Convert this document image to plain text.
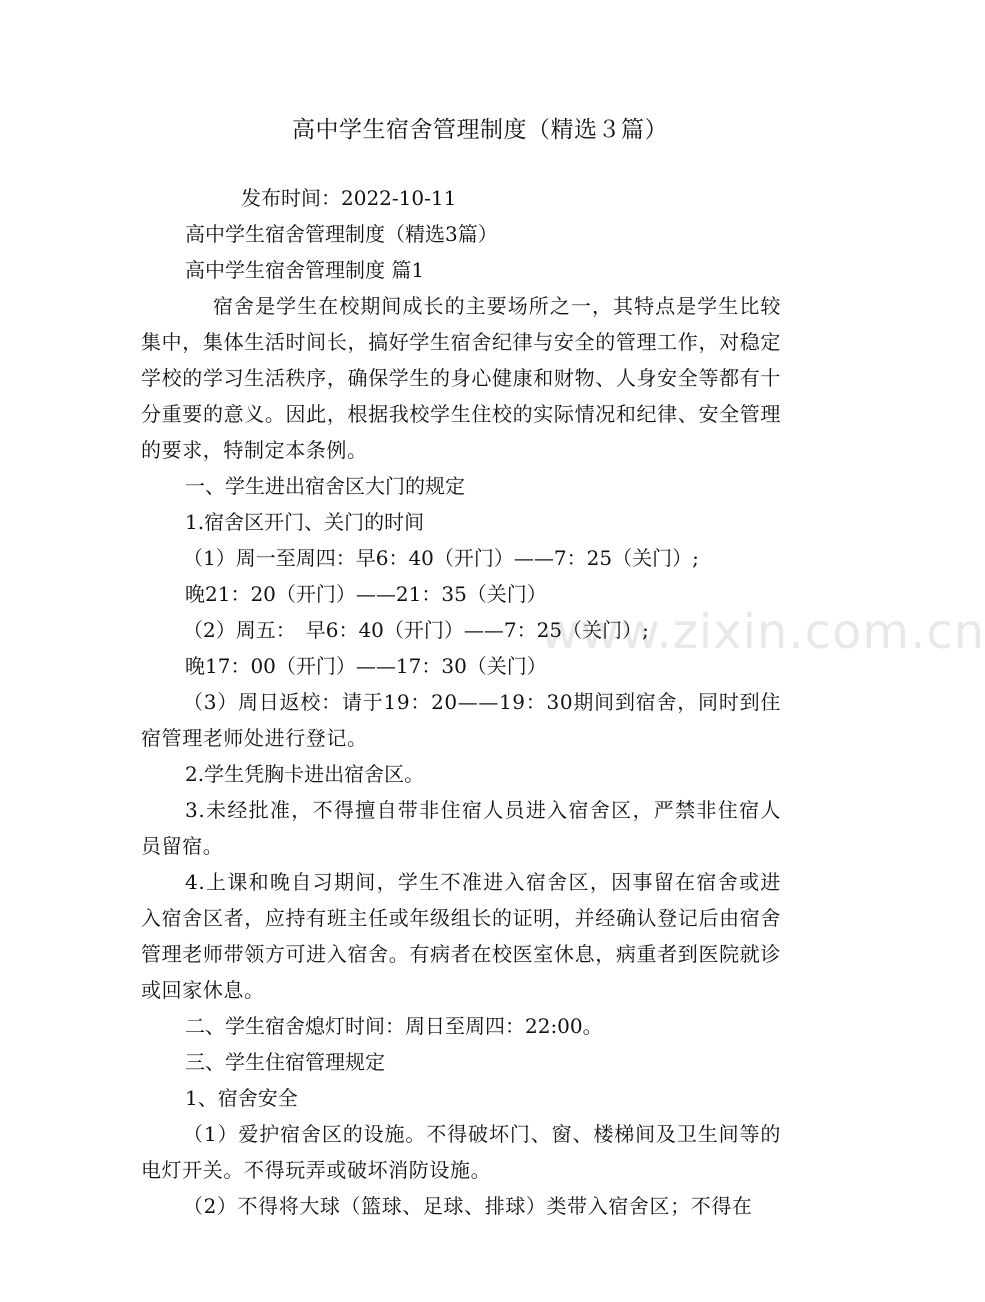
高中学生宿舍管理制度（精选３篇）
www.zixin.com.cn

发布时间：2022-10-11

高中学生宿舍管理制度（精选3篇）

高中学生宿舍管理制度 篇1

宿舍是学生在校期间成长的主要场所之一，其特点是学生比较集中，集体生活时间长，搞好学生宿舍纪律与安全的管理工作，对稳定学校的学习生活秩序，确保学生的身心健康和财物、人身安全等都有十分重要的意义。因此，根据我校学生住校的实际情况和纪律、安全管理的要求，特制定本条例。

一、学生进出宿舍区大门的规定

1.宿舍区开门、关门的时间

（1）周一至周四：早6：40（开门）——7：25（关门）;

晚21：20（开门）——21：35（关门）

（2）周五：　早6：40（开门）——7：25（关门）;

晚17：00（开门）——17：30（关门）

（3）周日返校：请于19：20——19：30期间到宿舍，同时到住宿管理老师处进行登记。

2.学生凭胸卡进出宿舍区。

3.未经批准，不得擅自带非住宿人员进入宿舍区，严禁非住宿人员留宿。

4.上课和晚自习期间，学生不准进入宿舍区，因事留在宿舍或进入宿舍区者，应持有班主任或年级组长的证明，并经确认登记后由宿舍管理老师带领方可进入宿舍。有病者在校医室休息，病重者到医院就诊或回家休息。

二、学生宿舍熄灯时间：周日至周四：22:00。

三、学生住宿管理规定

1、宿舍安全

（1）爱护宿舍区的设施。不得破坏门、窗、楼梯间及卫生间等的电灯开关。不得玩弄或破坏消防设施。

（2）不得将大球（篮球、足球、排球）类带入宿舍区；不得在
